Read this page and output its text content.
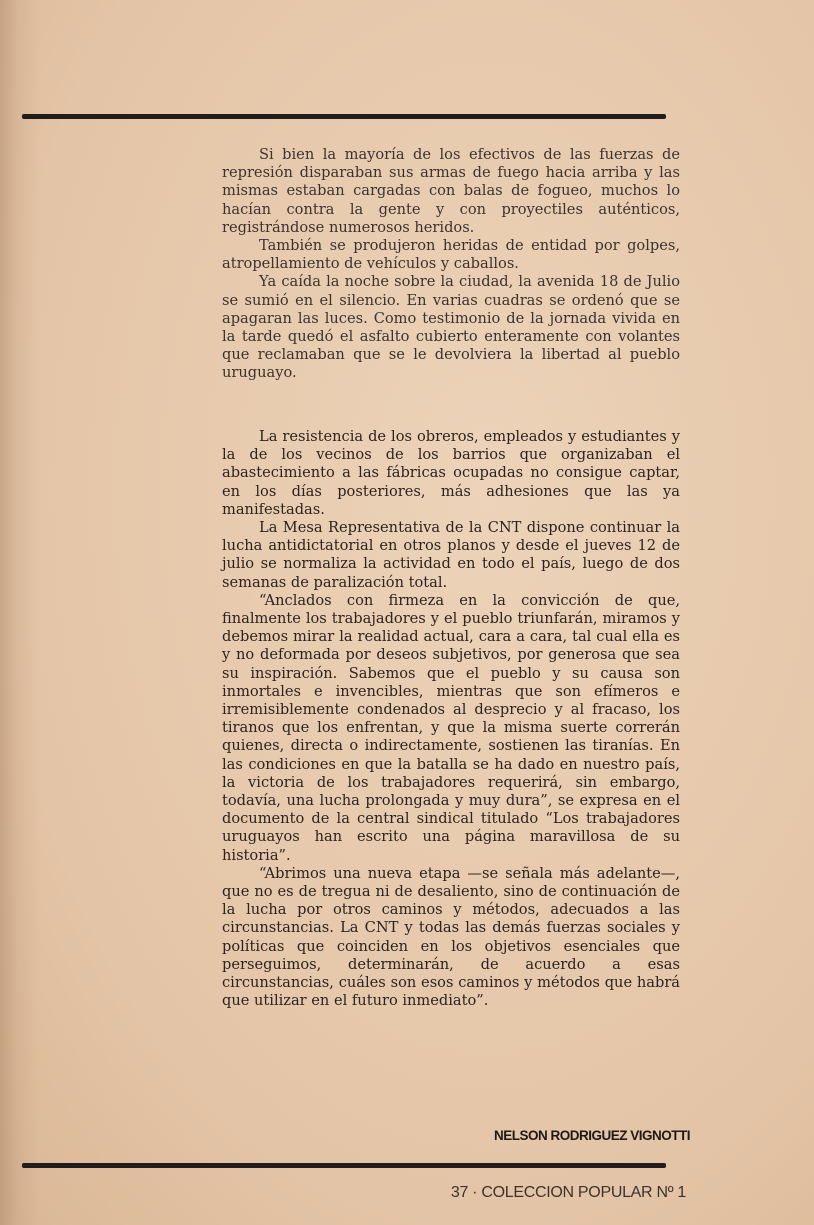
Si bien la mayoría de los efectivos de las fuerzas de represión disparaban sus armas de fuego hacia arriba y las mismas estaban cargadas con balas de fogueo, muchos lo hacían contra la gente y con proyectiles auténticos, registrándose numerosos heridos.

También se produjeron heridas de entidad por golpes, atropellamiento de vehículos y caballos.

Ya caída la noche sobre la ciudad, la avenida 18 de Julio se sumió en el silencio. En varias cuadras se ordenó que se apagaran las luces. Como testimonio de la jornada vivida en la tarde quedó el asfalto cubierto enteramente con volantes que reclamaban que se le devolviera la libertad al pueblo uruguayo.

La resistencia de los obreros, empleados y estudiantes y la de los vecinos de los barrios que organizaban el abastecimiento a las fábricas ocupadas no consigue captar, en los días posteriores, más adhesiones que las ya manifestadas.

La Mesa Representativa de la CNT dispone continuar la lucha antidictatorial en otros planos y desde el jueves 12 de julio se normaliza la actividad en todo el país, luego de dos semanas de paralización total.

“Anclados con firmeza en la convicción de que, finalmente los trabajadores y el pueblo triunfarán, miramos y debemos mirar la realidad actual, cara a cara, tal cual ella es y no deformada por deseos subjetivos, por generosa que sea su inspiración. Sabemos que el pueblo y su causa son inmortales e invencibles, mientras que son efímeros e irremisiblemente condenados al desprecio y al fracaso, los tiranos que los enfrentan, y que la misma suerte correrán quienes, directa o indirectamente, sostienen las tiranías. En las condiciones en que la batalla se ha dado en nuestro país, la victoria de los trabajadores requerirá, sin embargo, todavía, una lucha prolongada y muy dura”, se expresa en el documento de la central sindical titulado “Los trabajadores uruguayos han escrito una página maravillosa de su historia”.

“Abrimos una nueva etapa —se señala más adelante—, que no es de tregua ni de desaliento, sino de continuación de la lucha por otros caminos y métodos, adecuados a las circunstancias. La CNT y todas las demás fuerzas sociales y políticas que coinciden en los objetivos esenciales que perseguimos, determinarán, de acuerdo a esas circunstancias, cuáles son esos caminos y métodos que habrá que utilizar en el futuro inmediato”.

NELSON RODRIGUEZ VIGNOTTI
37 · COLECCION POPULAR Nº 1
